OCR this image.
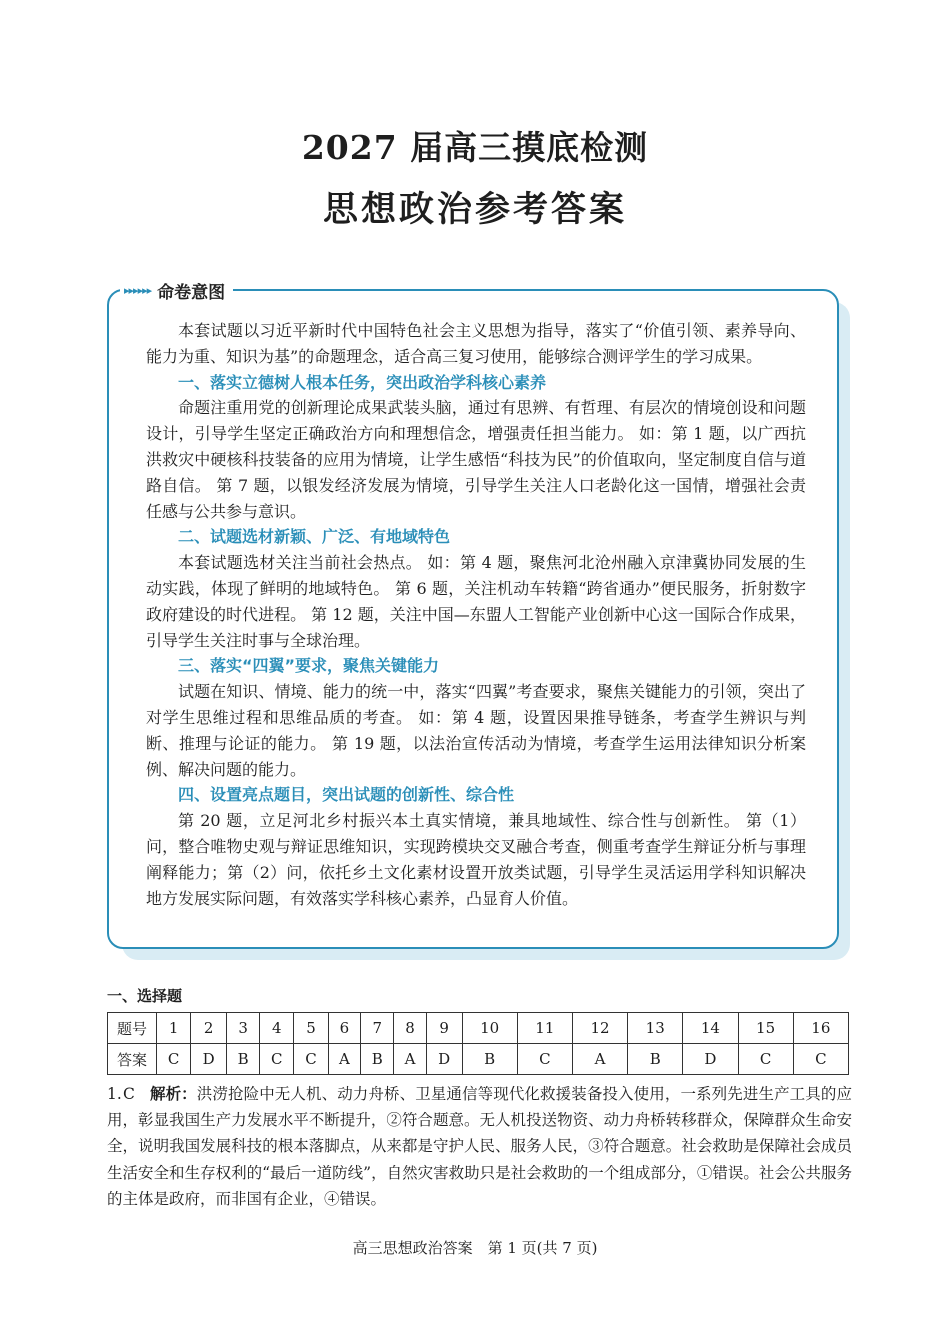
2027 届高三摸底检测
思想政治参考答案
▸▸▸▸▸▸ 命卷意图

本套试题以习近平新时代中国特色社会主义思想为指导，落实了“价值引领、素养导向、能力为重、知识为基”的命题理念，适合高三复习使用，能够综合测评学生的学习成果。

一、落实立德树人根本任务，突出政治学科核心素养

命题注重用党的创新理论成果武装头脑，通过有思辨、有哲理、有层次的情境创设和问题设计，引导学生坚定正确政治方向和理想信念，增强责任担当能力。 如：第 1 题，以广西抗洪救灾中硬核科技装备的应用为情境，让学生感悟“科技为民”的价值取向，坚定制度自信与道路自信。 第 7 题，以银发经济发展为情境，引导学生关注人口老龄化这一国情，增强社会责任感与公共参与意识。

二、试题选材新颖、广泛、有地域特色

本套试题选材关注当前社会热点。 如：第 4 题，聚焦河北沧州融入京津冀协同发展的生动实践，体现了鲜明的地域特色。 第 6 题，关注机动车转籍“跨省通办”便民服务，折射数字政府建设的时代进程。 第 12 题，关注中国—东盟人工智能产业创新中心这一国际合作成果，引导学生关注时事与全球治理。

三、落实“四翼”要求，聚焦关键能力

试题在知识、情境、能力的统一中，落实“四翼”考查要求，聚焦关键能力的引领，突出了对学生思维过程和思维品质的考查。 如：第 4 题，设置因果推导链条，考查学生辨识与判断、推理与论证的能力。 第 19 题，以法治宣传活动为情境，考查学生运用法律知识分析案例、解决问题的能力。

四、设置亮点题目，突出试题的创新性、综合性

第 20 题，立足河北乡村振兴本土真实情境，兼具地域性、综合性与创新性。 第（1）问，整合唯物史观与辩证思维知识，实现跨模块交叉融合考查，侧重考查学生辩证分析与事理阐释能力；第（2）问，依托乡土文化素材设置开放类试题，引导学生灵活运用学科知识解决地方发展实际问题，有效落实学科核心素养，凸显育人价值。

一、选择题
题号	1	2	3	4	5	6	7	8	9	10	11	12	13	14	15	16
答案	C	D	B	C	C	A	B	A	D	B	C	A	B	D	C	C
1.C 解析：洪涝抢险中无人机、动力舟桥、卫星通信等现代化救援装备投入使用，一系列先进生产工具的应用，彰显我国生产力发展水平不断提升，②符合题意。无人机投送物资、动力舟桥转移群众，保障群众生命安全，说明我国发展科技的根本落脚点，从来都是守护人民、服务人民，③符合题意。社会救助是保障社会成员生活安全和生存权利的“最后一道防线”，自然灾害救助只是社会救助的一个组成部分，①错误。社会公共服务的主体是政府，而非国有企业，④错误。
高三思想政治答案　第 1 页(共 7 页)
